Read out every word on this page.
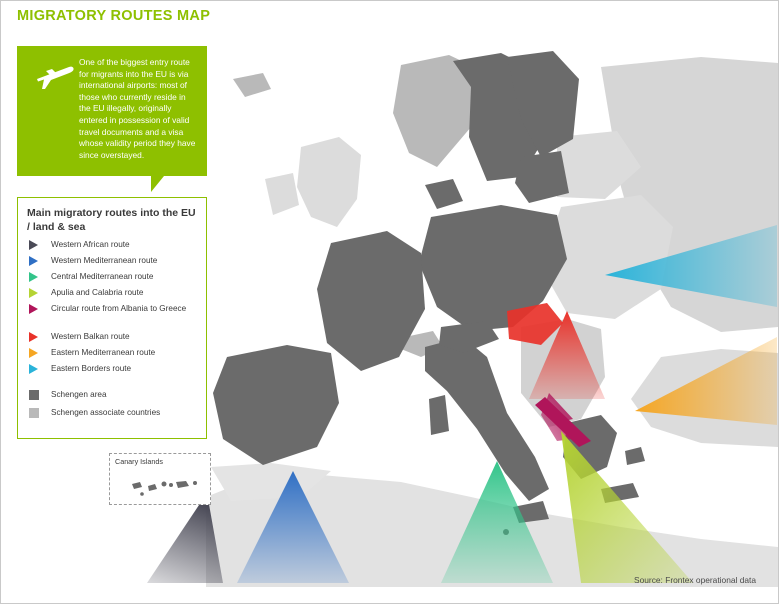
MIGRATORY ROUTES MAP
One of the biggest entry route for migrants into the EU is via international airports: most of those who currently reside in the EU illegally, originally entered in possession of valid travel documents and a visa whose validity period they have since overstayed.
Main migratory routes into the EU / land & sea
Western African route
Western Mediterranean route
Central Mediterranean route
Apulia and Calabria route
Circular route from Albania to Greece
Western Balkan route
Eastern Mediterranean route
Eastern Borders route
Schengen area
Schengen associate countries
Canary Islands
Source: Frontex operational data
